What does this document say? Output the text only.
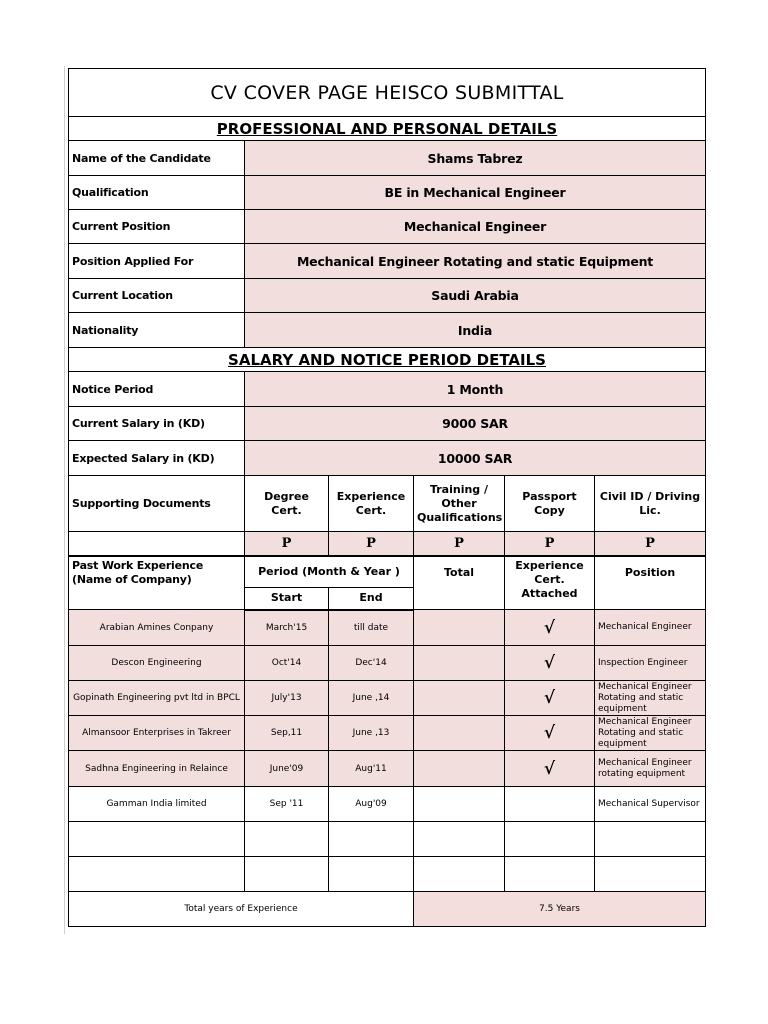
CV COVER PAGE HEISCO SUBMITTAL					
PROFESSIONAL AND PERSONAL DETAILS					
Name of the Candidate	Shams Tabrez				
Qualification	BE in Mechanical Engineer				
Current Position	Mechanical Engineer				
Position Applied For	Mechanical Engineer Rotating and static Equipment				
Current Location	Saudi Arabia				
Nationality	India				
SALARY AND NOTICE PERIOD DETAILS					
Notice Period	1 Month				
Current Salary in (KD)	9000 SAR				
Expected Salary in (KD)	10000 SAR				
Supporting Documents	Degree Cert.	Experience Cert.	Training / Other Qualifications	Passport Copy	Civil ID / Driving Lic.
	P	P	P	P	P
Past Work Experience (Name of Company)	Period (Month & Year )		Total	Experience Cert. Attached	Position
	Start	End			
Arabian Amines Conpany	March'15	till date		√	Mechanical Engineer
Descon Engineering	Oct'14	Dec'14		√	Inspection Engineer
Gopinath Engineering pvt ltd in BPCL	July'13	June ,14		√	Mechanical Engineer Rotating and static equipment
Almansoor Enterprises in Takreer	Sep,11	June ,13		√	Mechanical Engineer Rotating and static equipment
Sadhna Engineering in Relaince	June'09	Aug'11		√	Mechanical Engineer rotating equipment
Gamman India limited	Sep '11	Aug'09			Mechanical Supervisor

Total years of Experience			7.5 Years		
